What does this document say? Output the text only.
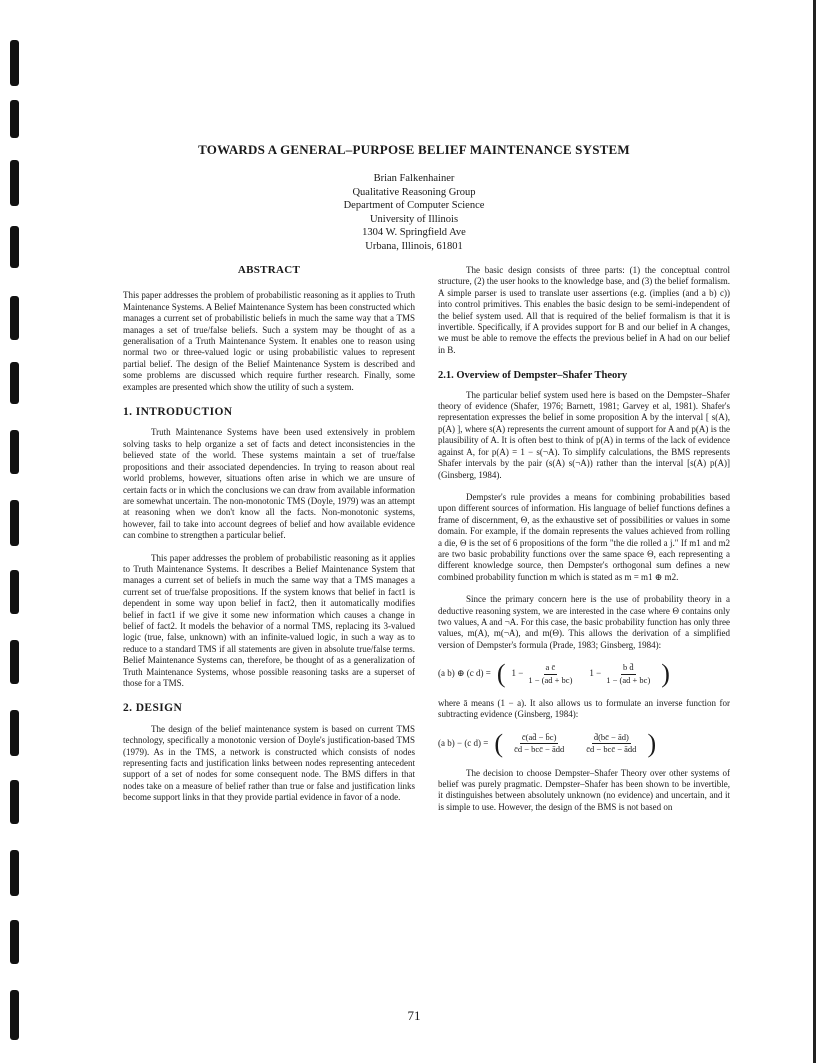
TOWARDS A GENERAL–PURPOSE BELIEF MAINTENANCE SYSTEM
Brian Falkenhainer
Qualitative Reasoning Group
Department of Computer Science
University of Illinois
1304 W. Springfield Ave
Urbana, Illinois, 61801
ABSTRACT

This paper addresses the problem of probabilistic reasoning as it applies to Truth Maintenance Systems. A Belief Maintenance System has been constructed which manages a current set of probabilistic beliefs in much the same way that a TMS manages a set of true/false beliefs. Such a system may be thought of as a generalisation of a Truth Maintenance System. It enables one to reason using normal two or three-valued logic or using probabilistic values to represent partial belief. The design of the Belief Maintenance System is described and some problems are discussed which require further research. Finally, some examples are presented which show the utility of such a system.

1. INTRODUCTION

Truth Maintenance Systems have been used extensively in problem solving tasks to help organize a set of facts and detect inconsistencies in the believed state of the world. These systems maintain a set of true/false propositions and their associated dependencies. In trying to reason about real world problems, however, situations often arise in which we are unsure of certain facts or in which the conclusions we can draw from available information are somewhat uncertain. The non-monotonic TMS (Doyle, 1979) was an attempt at reasoning when we don't know all the facts. Non-monotonic systems, however, fail to take into account degrees of belief and how available evidence can combine to strengthen a particular belief.

This paper addresses the problem of probabilistic reasoning as it applies to Truth Maintenance Systems. It describes a Belief Maintenance System that manages a current set of beliefs in much the same way that a TMS manages a current set of true/false propositions. If the system knows that belief in fact1 is dependent in some way upon belief in fact2, then it automatically modifies belief in fact1 if we give it some new information which causes a change in belief of fact2. It models the behavior of a normal TMS, replacing its 3-valued logic (true, false, unknown) with an infinite-valued logic, in such a way as to reduce to a standard TMS if all statements are given in absolute true/false terms. Belief Maintenance Systems can, therefore, be thought of as a generalization of Truth Maintenance Systems, whose possible reasoning tasks are a superset of those for a TMS.

2. DESIGN

The design of the belief maintenance system is based on current TMS technology, specifically a monotonic version of Doyle's justification-based TMS (1979). As in the TMS, a network is constructed which consists of nodes representing facts and justification links between nodes representing antecedent support of a set of nodes for some consequent node. The BMS differs in that nodes take on a measure of belief rather than true or false and justification links become support links in that they provide partial evidence in favor of a node.

The basic design consists of three parts: (1) the conceptual control structure, (2) the user hooks to the knowledge base, and (3) the belief formalism. A simple parser is used to translate user assertions (e.g. (implies (and a b) c)) into control primitives. This enables the basic design to be semi-independent of the belief system used. All that is required of the belief formalism is that it is invertible. Specifically, if A provides support for B and our belief in A changes, we must be able to remove the effects the previous belief in A had on our belief in B.

2.1. Overview of Dempster–Shafer Theory

The particular belief system used here is based on the Dempster–Shafer theory of evidence (Shafer, 1976; Barnett, 1981; Garvey et al, 1981). Shafer's representation expresses the belief in some proposition A by the interval [ s(A), p(A) ], where s(A) represents the current amount of support for A and p(A) is the plausibility of A. It is often best to think of p(A) in terms of the lack of evidence against A, for p(A) = 1 − s(¬A). To simplify calculations, the BMS represents Shafer intervals by the pair (s(A) s(¬A)) rather than the interval [s(A) p(A)] (Ginsberg, 1984).

Dempster's rule provides a means for combining probabilities based upon different sources of information. His language of belief functions defines a frame of discernment, Θ, as the exhaustive set of possibilities or values in some domain. For example, if the domain represents the values achieved from rolling a die, Θ is the set of 6 propositions of the form "the die rolled a j." If m1 and m2 are two basic probability functions over the same space Θ, each representing a different knowledge source, then Dempster's orthogonal sum defines a new combined probability function m which is stated as m = m1 ⊕ m2.

Since the primary concern here is the use of probability theory in a deductive reasoning system, we are interested in the case where Θ contains only two values, A and ¬A. For this case, the basic probability function has only three values, m(A), m(¬A), and m(Θ). This allows the derivation of a simplified version of Dempster's formula (Prade, 1983; Ginsberg, 1984):

(a b) ⊕ (c d) = ( $1 - \frac{\text{a c̄}}{1 - (ad + bc)} 1 - \frac{\text{b d̄}}{1 - (ad + bc)}$ )

where ā means (1 − a). It also allows us to formulate an inverse function for subtracting evidence (Ginsberg, 1984):

(a b) − (c d) = ( $\frac{c̄(ad̄ - b̄c)}{\text{c̄d − bcc̄ − ādd}} \frac{d̄(bc̄ - ād)}{\text{c̄d − bcc̄ − ādd}}$ )

The decision to choose Dempster–Shafer Theory over other systems of belief was purely pragmatic. Dempster–Shafer has been shown to be invertible, it distinguishes between absolutely unknown (no evidence) and uncertain, and it is simple to use. However, the design of the BMS is not based on

71
